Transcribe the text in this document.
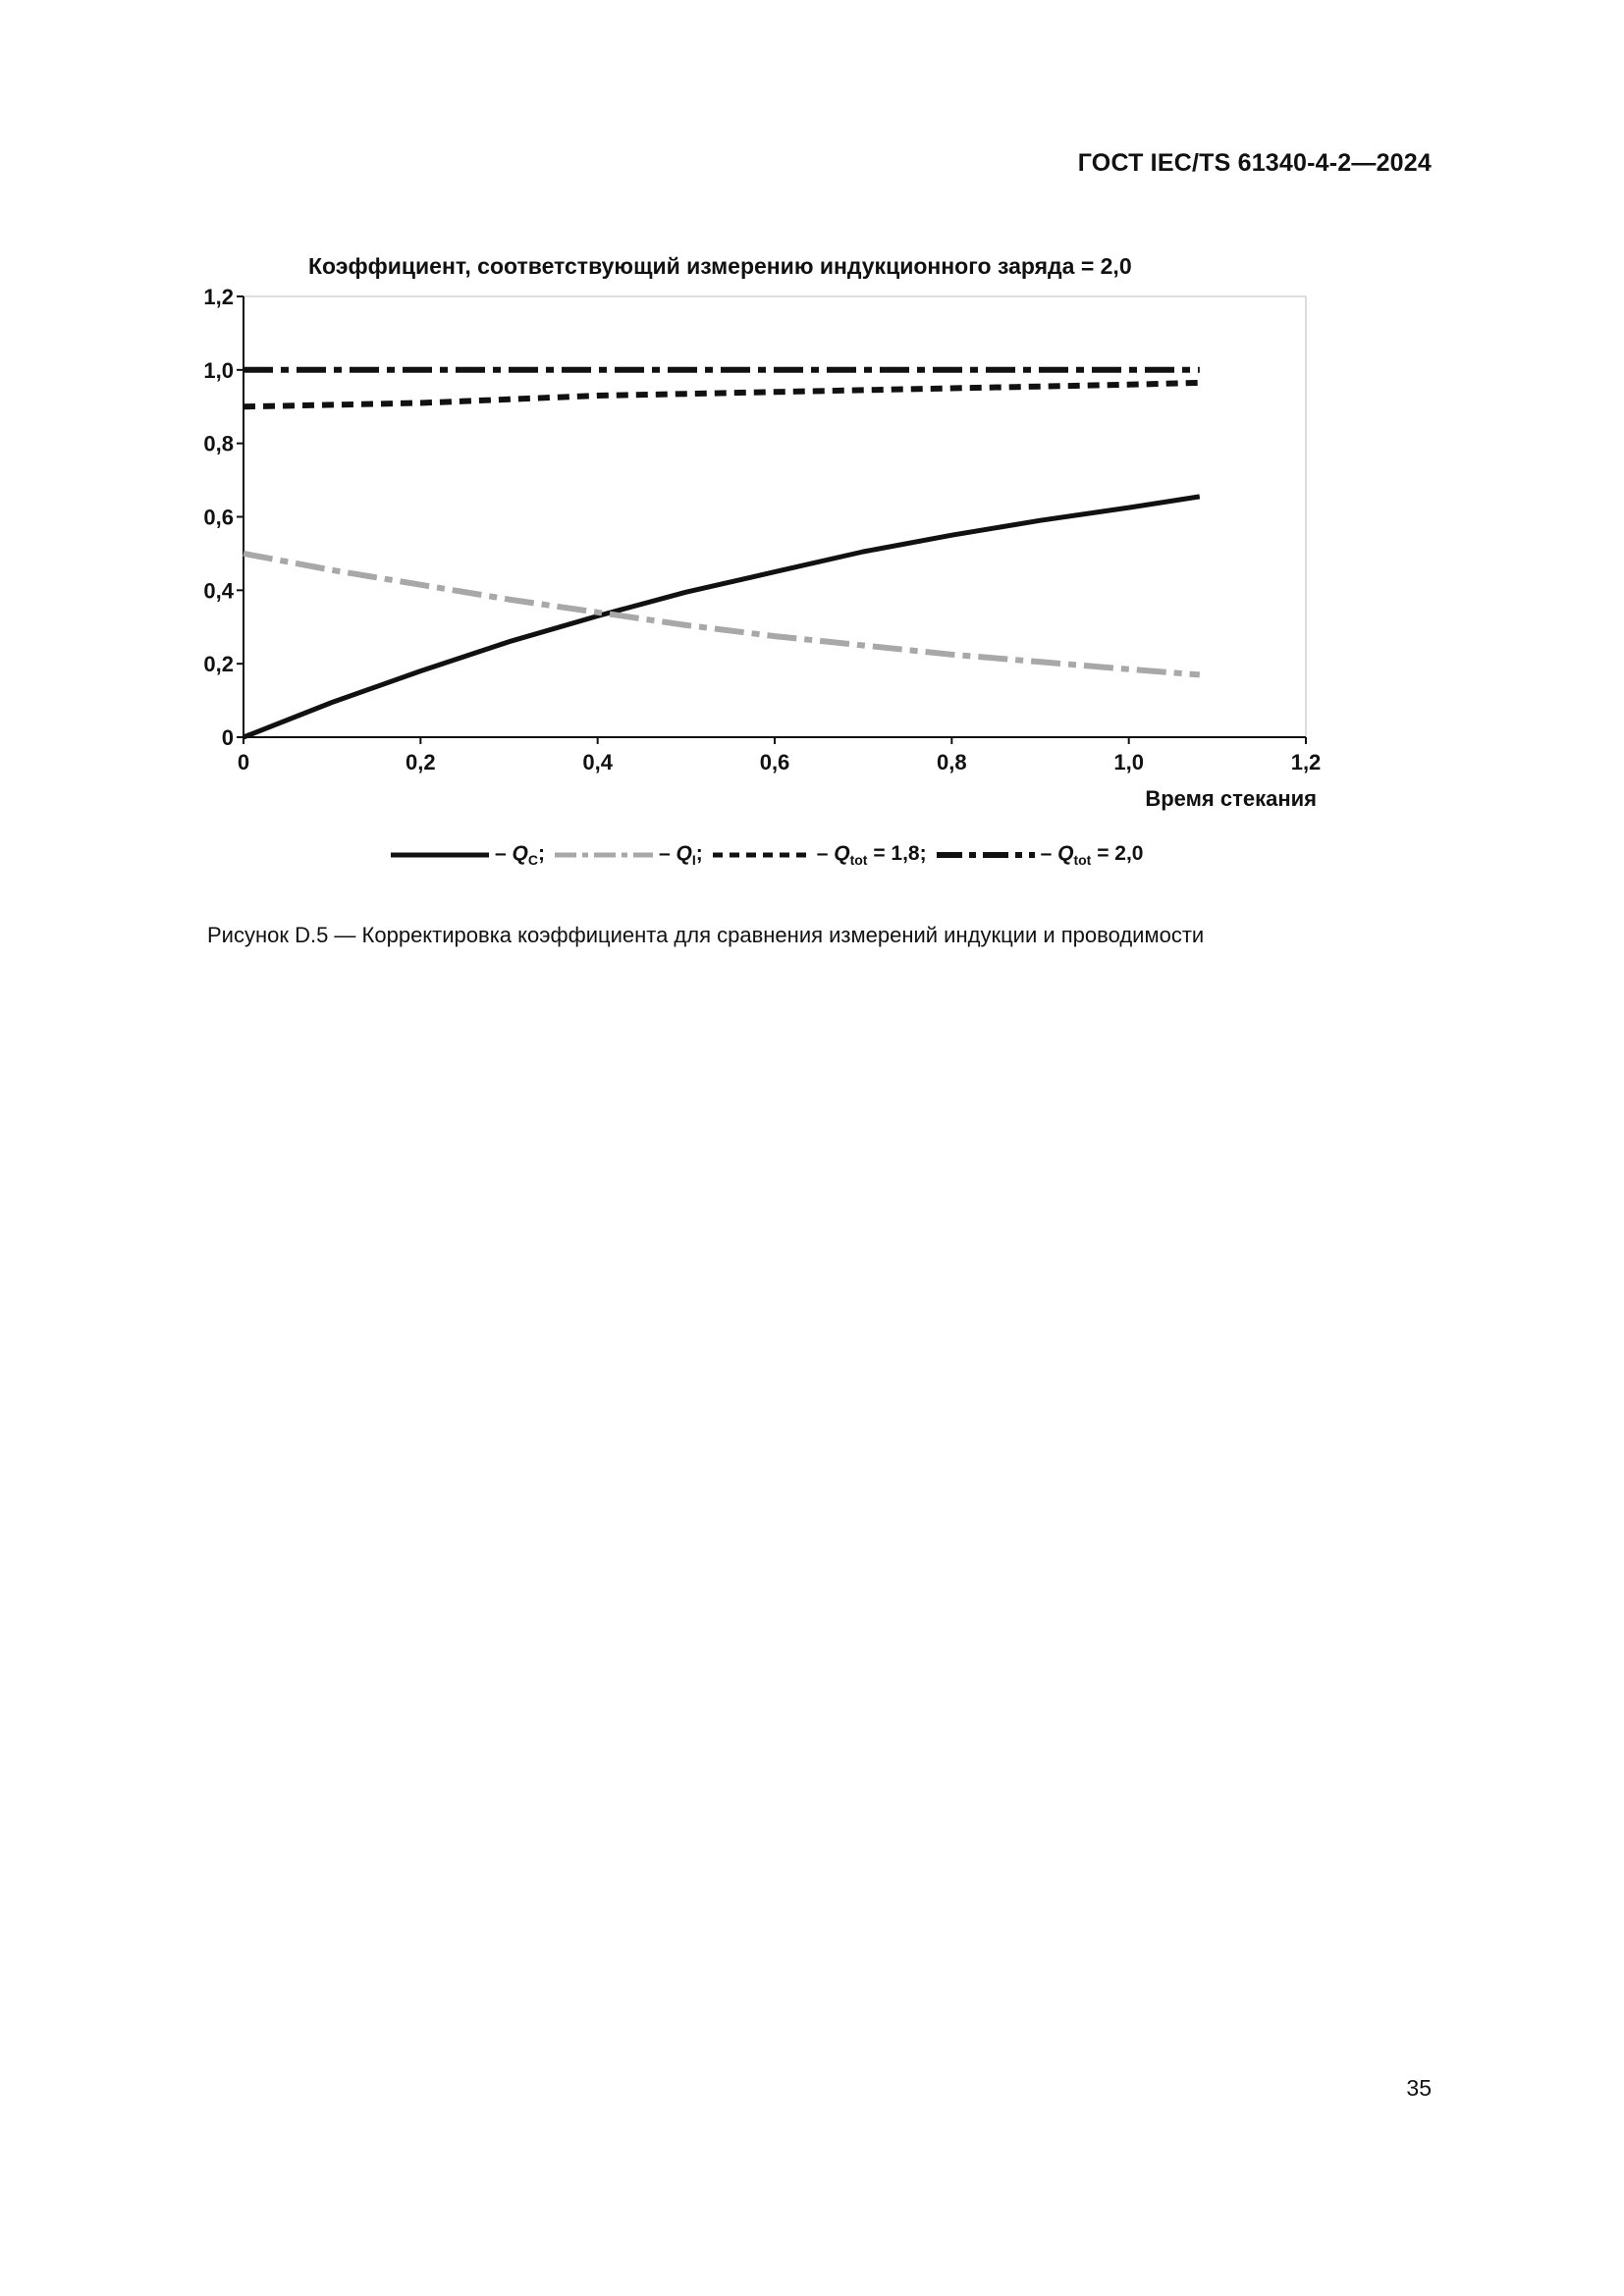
ГОСТ IEC/TS 61340-4-2—2024
Коэффициент, соответствующий измерению индукционного заряда = 2,0
0	0,2	0,4	0,6	0,8	1,0	1,2
0
0,2
0,4
0,6
0,8
1,0
1,2
Время стекания
– $Q_C$;	– $Q_I$;	– $Q_{tot} = 1,8$;	– $Q_{tot} = 2,0$
Рисунок D.5 — Корректировка коэффициента для сравнения измерений индукции и проводимости
35
